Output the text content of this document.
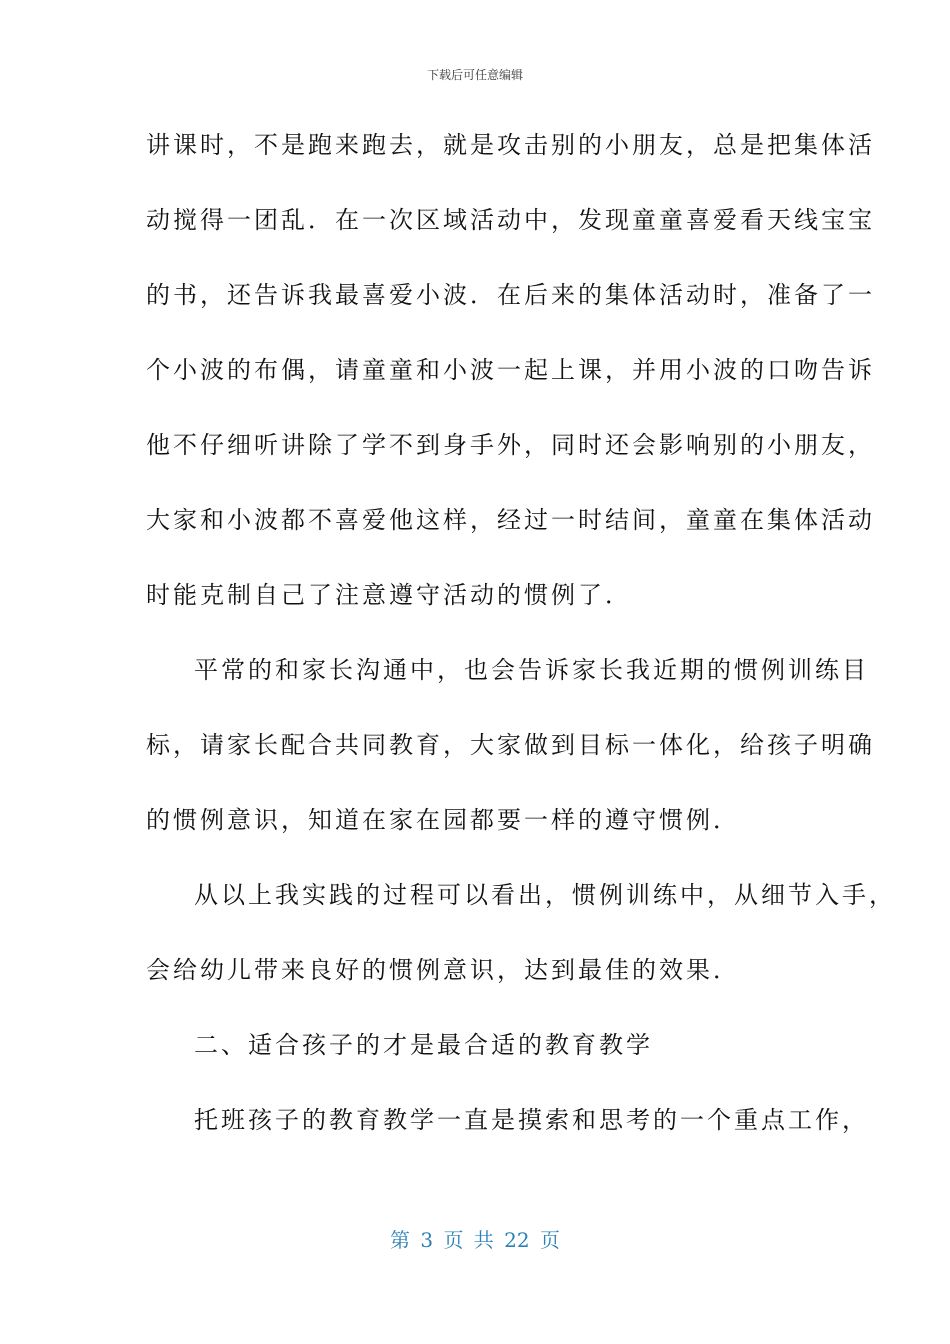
下载后可任意编辑
讲课时，不是跑来跑去，就是攻击别的小朋友，总是把集体活
动搅得一团乱．在一次区域活动中，发现童童喜爱看天线宝宝
的书，还告诉我最喜爱小波．在后来的集体活动时，准备了一
个小波的布偶，请童童和小波一起上课，并用小波的口吻告诉
他不仔细听讲除了学不到身手外，同时还会影响别的小朋友，
大家和小波都不喜爱他这样，经过一时结间，童童在集体活动
时能克制自己了注意遵守活动的惯例了．
平常的和家长沟通中，也会告诉家长我近期的惯例训练目
标，请家长配合共同教育，大家做到目标一体化，给孩子明确
的惯例意识，知道在家在园都要一样的遵守惯例．
从以上我实践的过程可以看出，惯例训练中，从细节入手，
会给幼儿带来良好的惯例意识，达到最佳的效果．
二、适合孩子的才是最合适的教育教学
托班孩子的教育教学一直是摸索和思考的一个重点工作，
第 3 页 共 22 页
